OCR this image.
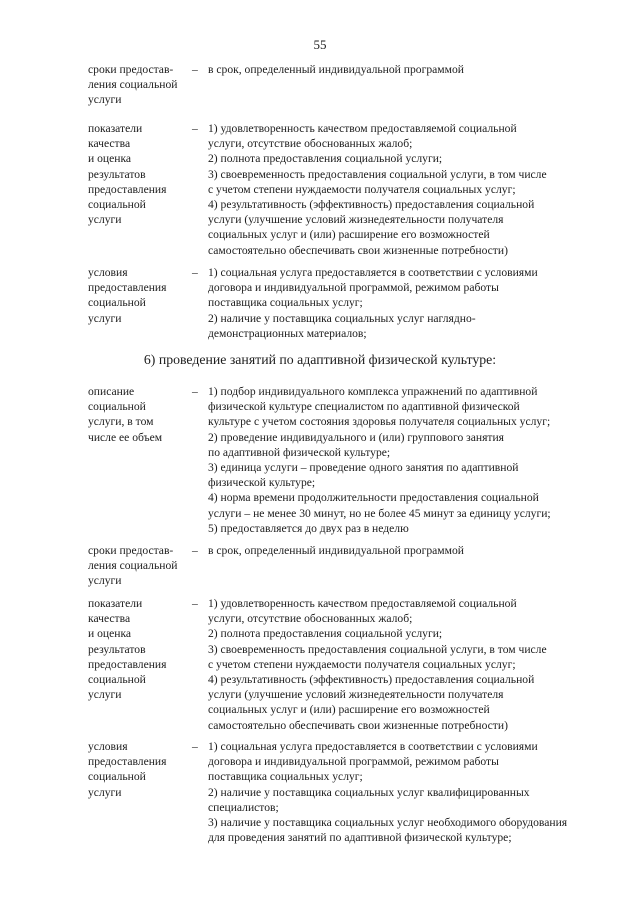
55
сроки предостав-
ления социальной
услуги
– в срок, определенный индивидуальной программой
показатели
качества
и оценка
результатов
предоставления
социальной
услуги
– 1) удовлетворенность качеством предоставляемой социальной
услуги, отсутствие обоснованных жалоб;
2) полнота предоставления социальной услуги;
3) своевременность предоставления социальной услуги, в том числе
с учетом степени нуждаемости получателя социальных услуг;
4) результативность (эффективность) предоставления социальной
услуги (улучшение условий жизнедеятельности получателя
социальных услуг и (или) расширение его возможностей
самостоятельно обеспечивать свои жизненные потребности)
условия
предоставления
социальной
услуги
– 1) социальная услуга предоставляется в соответствии с условиями
договора и индивидуальной программой, режимом работы
поставщика социальных услуг;
2) наличие у поставщика социальных услуг наглядно-
демонстрационных материалов;
6) проведение занятий по адаптивной физической культуре:
описание
социальной
услуги, в том
числе ее объем
– 1) подбор индивидуального комплекса упражнений по адаптивной
физической культуре специалистом по адаптивной физической
культуре с учетом состояния здоровья получателя социальных услуг;
2) проведение индивидуального и (или) группового занятия
по адаптивной физической культуре;
3) единица услуги – проведение одного занятия по адаптивной
физической культуре;
4) норма времени продолжительности предоставления социальной
услуги – не менее 30 минут, но не более 45 минут за единицу услуги;
5) предоставляется до двух раз в неделю
сроки предостав-
ления социальной
услуги
– в срок, определенный индивидуальной программой
показатели
качества
и оценка
результатов
предоставления
социальной
услуги
– 1) удовлетворенность качеством предоставляемой социальной
услуги, отсутствие обоснованных жалоб;
2) полнота предоставления социальной услуги;
3) своевременность предоставления социальной услуги, в том числе
с учетом степени нуждаемости получателя социальных услуг;
4) результативность (эффективность) предоставления социальной
услуги (улучшение условий жизнедеятельности получателя
социальных услуг и (или) расширение его возможностей
самостоятельно обеспечивать свои жизненные потребности)
условия
предоставления
социальной
услуги
– 1) социальная услуга предоставляется в соответствии с условиями
договора и индивидуальной программой, режимом работы
поставщика социальных услуг;
2) наличие у поставщика социальных услуг квалифицированных
специалистов;
3) наличие у поставщика социальных услуг необходимого оборудования
для проведения занятий по адаптивной физической культуре;
